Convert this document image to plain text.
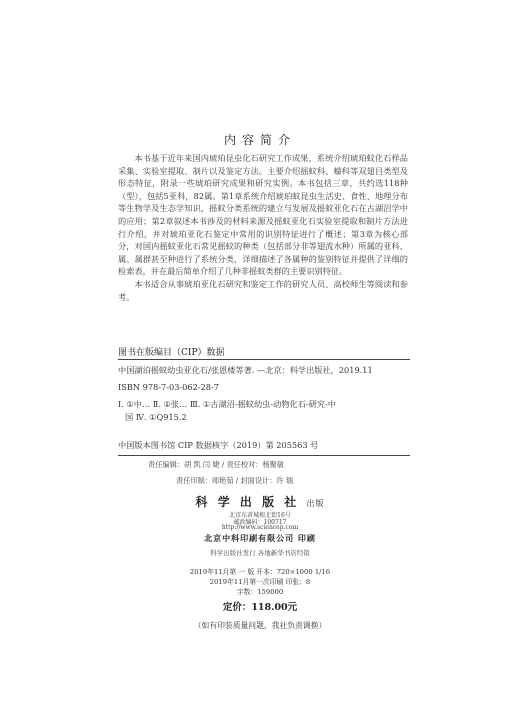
内容简介

本书基于近年来国内琥珀昆虫化石研究工作成果，系统介绍琥珀蚊化石样品采集、实验室提取、制片以及鉴定方法。主要介绍摇蚊科、蠓科等双翅目类型及形态特征，附录一些琥珀研究成果和研究实例。本书包括三章，共约选118种（型），包括5亚科，82属。第1章系统介绍琥珀蚊昆虫生活史、食性、地理分布等生物学及生态学知识，摇蚊分类系统的建立与发展及摇蚊亚化石在古湖沼学中的应用；第2章叙述本书涉及的材料来源及摇蚊亚化石实验室提取和制片方法进行介绍，并对琥珀亚化石鉴定中常用的识别特征进行了概述；第3章为核心部分，对国内摇蚊亚化石常见摇蚊的种类（包括部分非等翅流水种）所属的亚科、属、属群甚至种进行了系统分类，详细描述了各属种的鉴别特征并提供了详细的检索表，并在最后简单介绍了几种非摇蚊类群的主要识别特征。

本书适合从事琥珀亚化石研究和鉴定工作的研究人员、高校师生等阅读和参考。

图书在版编目（CIP）数据
中国湖泊摇蚊幼虫亚化石/张恩楼等著. —北京：科学出版社，2019.11
ISBN 978-7-03-062-28-7
Ⅰ. ①中… Ⅱ. ①张… Ⅲ. ①古湖沼-摇蚊幼虫-动物化石-研究-中
国 Ⅳ. ①Q915.2
中国版本图书馆 CIP 数据核字（2019）第 205563 号
责任编辑：胡 凯 闫 婕 / 责任校对：杨聚敏
责任印制：师艳茹 / 封面设计：许 瑞
科 学 出 版 社 出版
北京东黄城根北街16号
邮政编码：100717
http://www.sciencep.com
北京中科印刷有限公司 印刷
科学出版社发行 各地新华书店经销
2019年11月第 一 版 开本：720×1000 1/16
2019年11月第一次印刷 印张：8
字数：159000
定价：118.00元
（如有印装质量问题，我社负责调换）
